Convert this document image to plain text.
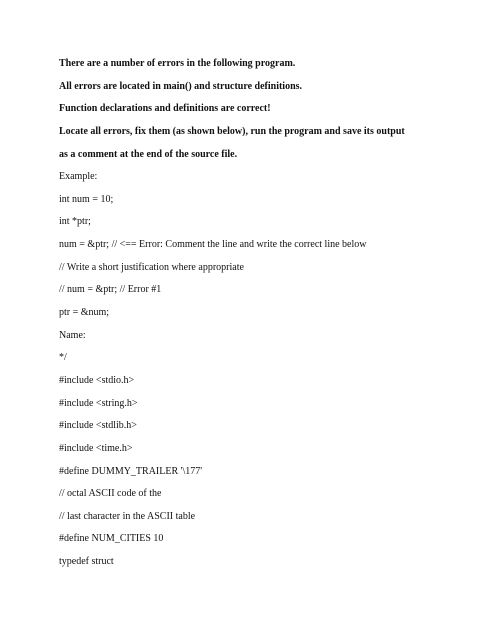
There are a number of errors in the following program.
All errors are located in main() and structure definitions.
Function declarations and definitions are correct!
Locate all errors, fix them (as shown below), run the program and save its output
as a comment at the end of the source file.
Example:
int num = 10;
int *ptr;
num = &ptr; // <== Error: Comment the line and write the correct line below
// Write a short justification where appropriate
// num = &ptr; // Error #1
ptr = &num;
Name:
*/
#include <stdio.h>
#include <string.h>
#include <stdlib.h>
#include <time.h>
#define DUMMY_TRAILER '\177'
// octal ASCII code of the
// last character in the ASCII table
#define NUM_CITIES 10
typedef struct
